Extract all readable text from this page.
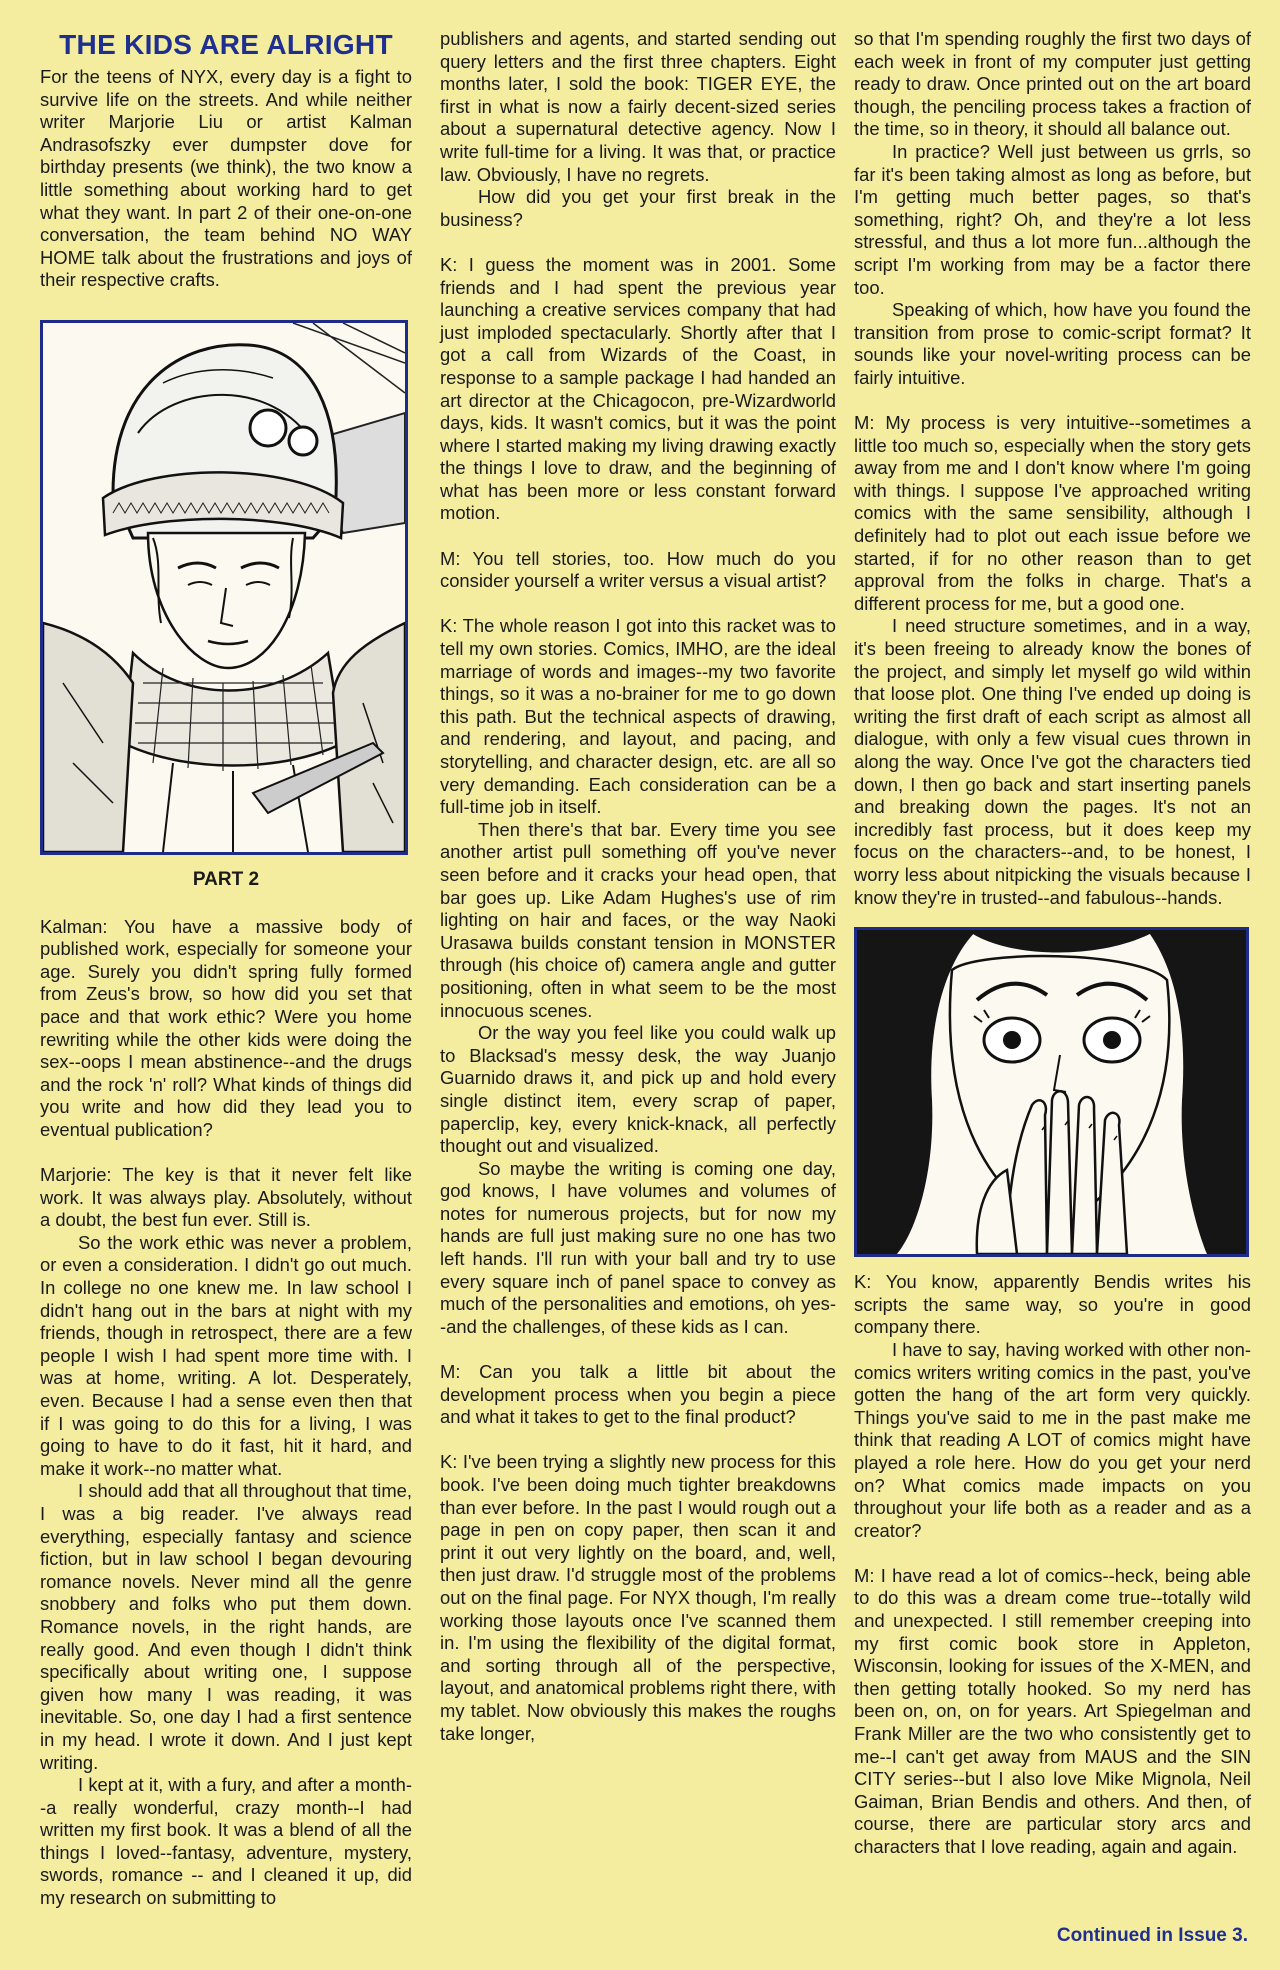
THE KIDS ARE ALRIGHT

For the teens of NYX, every day is a fight to survive life on the streets. And while neither writer Marjorie Liu or artist Kalman Andrasofszky ever dumpster dove for birthday presents (we think), the two know a little something about working hard to get what they want. In part 2 of their one-on-one conversation, the team behind NO WAY HOME talk about the frustrations and joys of their respective crafts.

PART 2

Kalman: You have a massive body of published work, especially for someone your age. Surely you didn't spring fully formed from Zeus's brow, so how did you set that pace and that work ethic? Were you home rewriting while the other kids were doing the sex--oops I mean abstinence--and the drugs and the rock 'n' roll? What kinds of things did you write and how did they lead you to eventual publication?

Marjorie: The key is that it never felt like work. It was always play. Absolutely, without a doubt, the best fun ever. Still is.

So the work ethic was never a problem, or even a consideration. I didn't go out much. In college no one knew me. In law school I didn't hang out in the bars at night with my friends, though in retrospect, there are a few people I wish I had spent more time with. I was at home, writing. A lot. Desperately, even. Because I had a sense even then that if I was going to do this for a living, I was going to have to do it fast, hit it hard, and make it work--no matter what.

I should add that all throughout that time, I was a big reader. I've always read everything, especially fantasy and science fiction, but in law school I began devouring romance novels. Never mind all the genre snobbery and folks who put them down. Romance novels, in the right hands, are really good. And even though I didn't think specifically about writing one, I suppose given how many I was reading, it was inevitable. So, one day I had a first sentence in my head. I wrote it down. And I just kept writing.

I kept at it, with a fury, and after a month--a really wonderful, crazy month--I had written my first book. It was a blend of all the things I loved--fantasy, adventure, mystery, swords, romance -- and I cleaned it up, did my research on submitting to

publishers and agents, and started sending out query letters and the first three chapters. Eight months later, I sold the book: TIGER EYE, the first in what is now a fairly decent-sized series about a supernatural detective agency. Now I write full-time for a living. It was that, or practice law. Obviously, I have no regrets.

How did you get your first break in the business?

K: I guess the moment was in 2001. Some friends and I had spent the previous year launching a creative services company that had just imploded spectacularly. Shortly after that I got a call from Wizards of the Coast, in response to a sample package I had handed an art director at the Chicagocon, pre-Wizardworld days, kids. It wasn't comics, but it was the point where I started making my living drawing exactly the things I love to draw, and the beginning of what has been more or less constant forward motion.

M: You tell stories, too. How much do you consider yourself a writer versus a visual artist?

K: The whole reason I got into this racket was to tell my own stories. Comics, IMHO, are the ideal marriage of words and images--my two favorite things, so it was a no-brainer for me to go down this path. But the technical aspects of drawing, and rendering, and layout, and pacing, and storytelling, and character design, etc. are all so very demanding. Each consideration can be a full-time job in itself.

Then there's that bar. Every time you see another artist pull something off you've never seen before and it cracks your head open, that bar goes up. Like Adam Hughes's use of rim lighting on hair and faces, or the way Naoki Urasawa builds constant tension in MONSTER through (his choice of) camera angle and gutter positioning, often in what seem to be the most innocuous scenes.

Or the way you feel like you could walk up to Blacksad's messy desk, the way Juanjo Guarnido draws it, and pick up and hold every single distinct item, every scrap of paper, paperclip, key, every knick-knack, all perfectly thought out and visualized.

So maybe the writing is coming one day, god knows, I have volumes and volumes of notes for numerous projects, but for now my hands are full just making sure no one has two left hands. I'll run with your ball and try to use every square inch of panel space to convey as much of the personalities and emotions, oh yes--and the challenges, of these kids as I can.

M: Can you talk a little bit about the development process when you begin a piece and what it takes to get to the final product?

K: I've been trying a slightly new process for this book. I've been doing much tighter breakdowns than ever before. In the past I would rough out a page in pen on copy paper, then scan it and print it out very lightly on the board, and, well, then just draw. I'd struggle most of the problems out on the final page. For NYX though, I'm really working those layouts once I've scanned them in. I'm using the flexibility of the digital format, and sorting through all of the perspective, layout, and anatomical problems right there, with my tablet. Now obviously this makes the roughs take longer,

so that I'm spending roughly the first two days of each week in front of my computer just getting ready to draw. Once printed out on the art board though, the penciling process takes a fraction of the time, so in theory, it should all balance out.

In practice? Well just between us grrls, so far it's been taking almost as long as before, but I'm getting much better pages, so that's something, right? Oh, and they're a lot less stressful, and thus a lot more fun...although the script I'm working from may be a factor there too.

Speaking of which, how have you found the transition from prose to comic-script format? It sounds like your novel-writing process can be fairly intuitive.

M: My process is very intuitive--sometimes a little too much so, especially when the story gets away from me and I don't know where I'm going with things. I suppose I've approached writing comics with the same sensibility, although I definitely had to plot out each issue before we started, if for no other reason than to get approval from the folks in charge. That's a different process for me, but a good one.

I need structure sometimes, and in a way, it's been freeing to already know the bones of the project, and simply let myself go wild within that loose plot. One thing I've ended up doing is writing the first draft of each script as almost all dialogue, with only a few visual cues thrown in along the way. Once I've got the characters tied down, I then go back and start inserting panels and breaking down the pages. It's not an incredibly fast process, but it does keep my focus on the characters--and, to be honest, I worry less about nitpicking the visuals because I know they're in trusted--and fabulous--hands.

K: You know, apparently Bendis writes his scripts the same way, so you're in good company there.

I have to say, having worked with other non-comics writers writing comics in the past, you've gotten the hang of the art form very quickly. Things you've said to me in the past make me think that reading A LOT of comics might have played a role here. How do you get your nerd on? What comics made impacts on you throughout your life both as a reader and as a creator?

M: I have read a lot of comics--heck, being able to do this was a dream come true--totally wild and unexpected. I still remember creeping into my first comic book store in Appleton, Wisconsin, looking for issues of the X-MEN, and then getting totally hooked. So my nerd has been on, on, on for years. Art Spiegelman and Frank Miller are the two who consistently get to me--I can't get away from MAUS and the SIN CITY series--but I also love Mike Mignola, Neil Gaiman, Brian Bendis and others. And then, of course, there are particular story arcs and characters that I love reading, again and again.

Continued in Issue 3.
